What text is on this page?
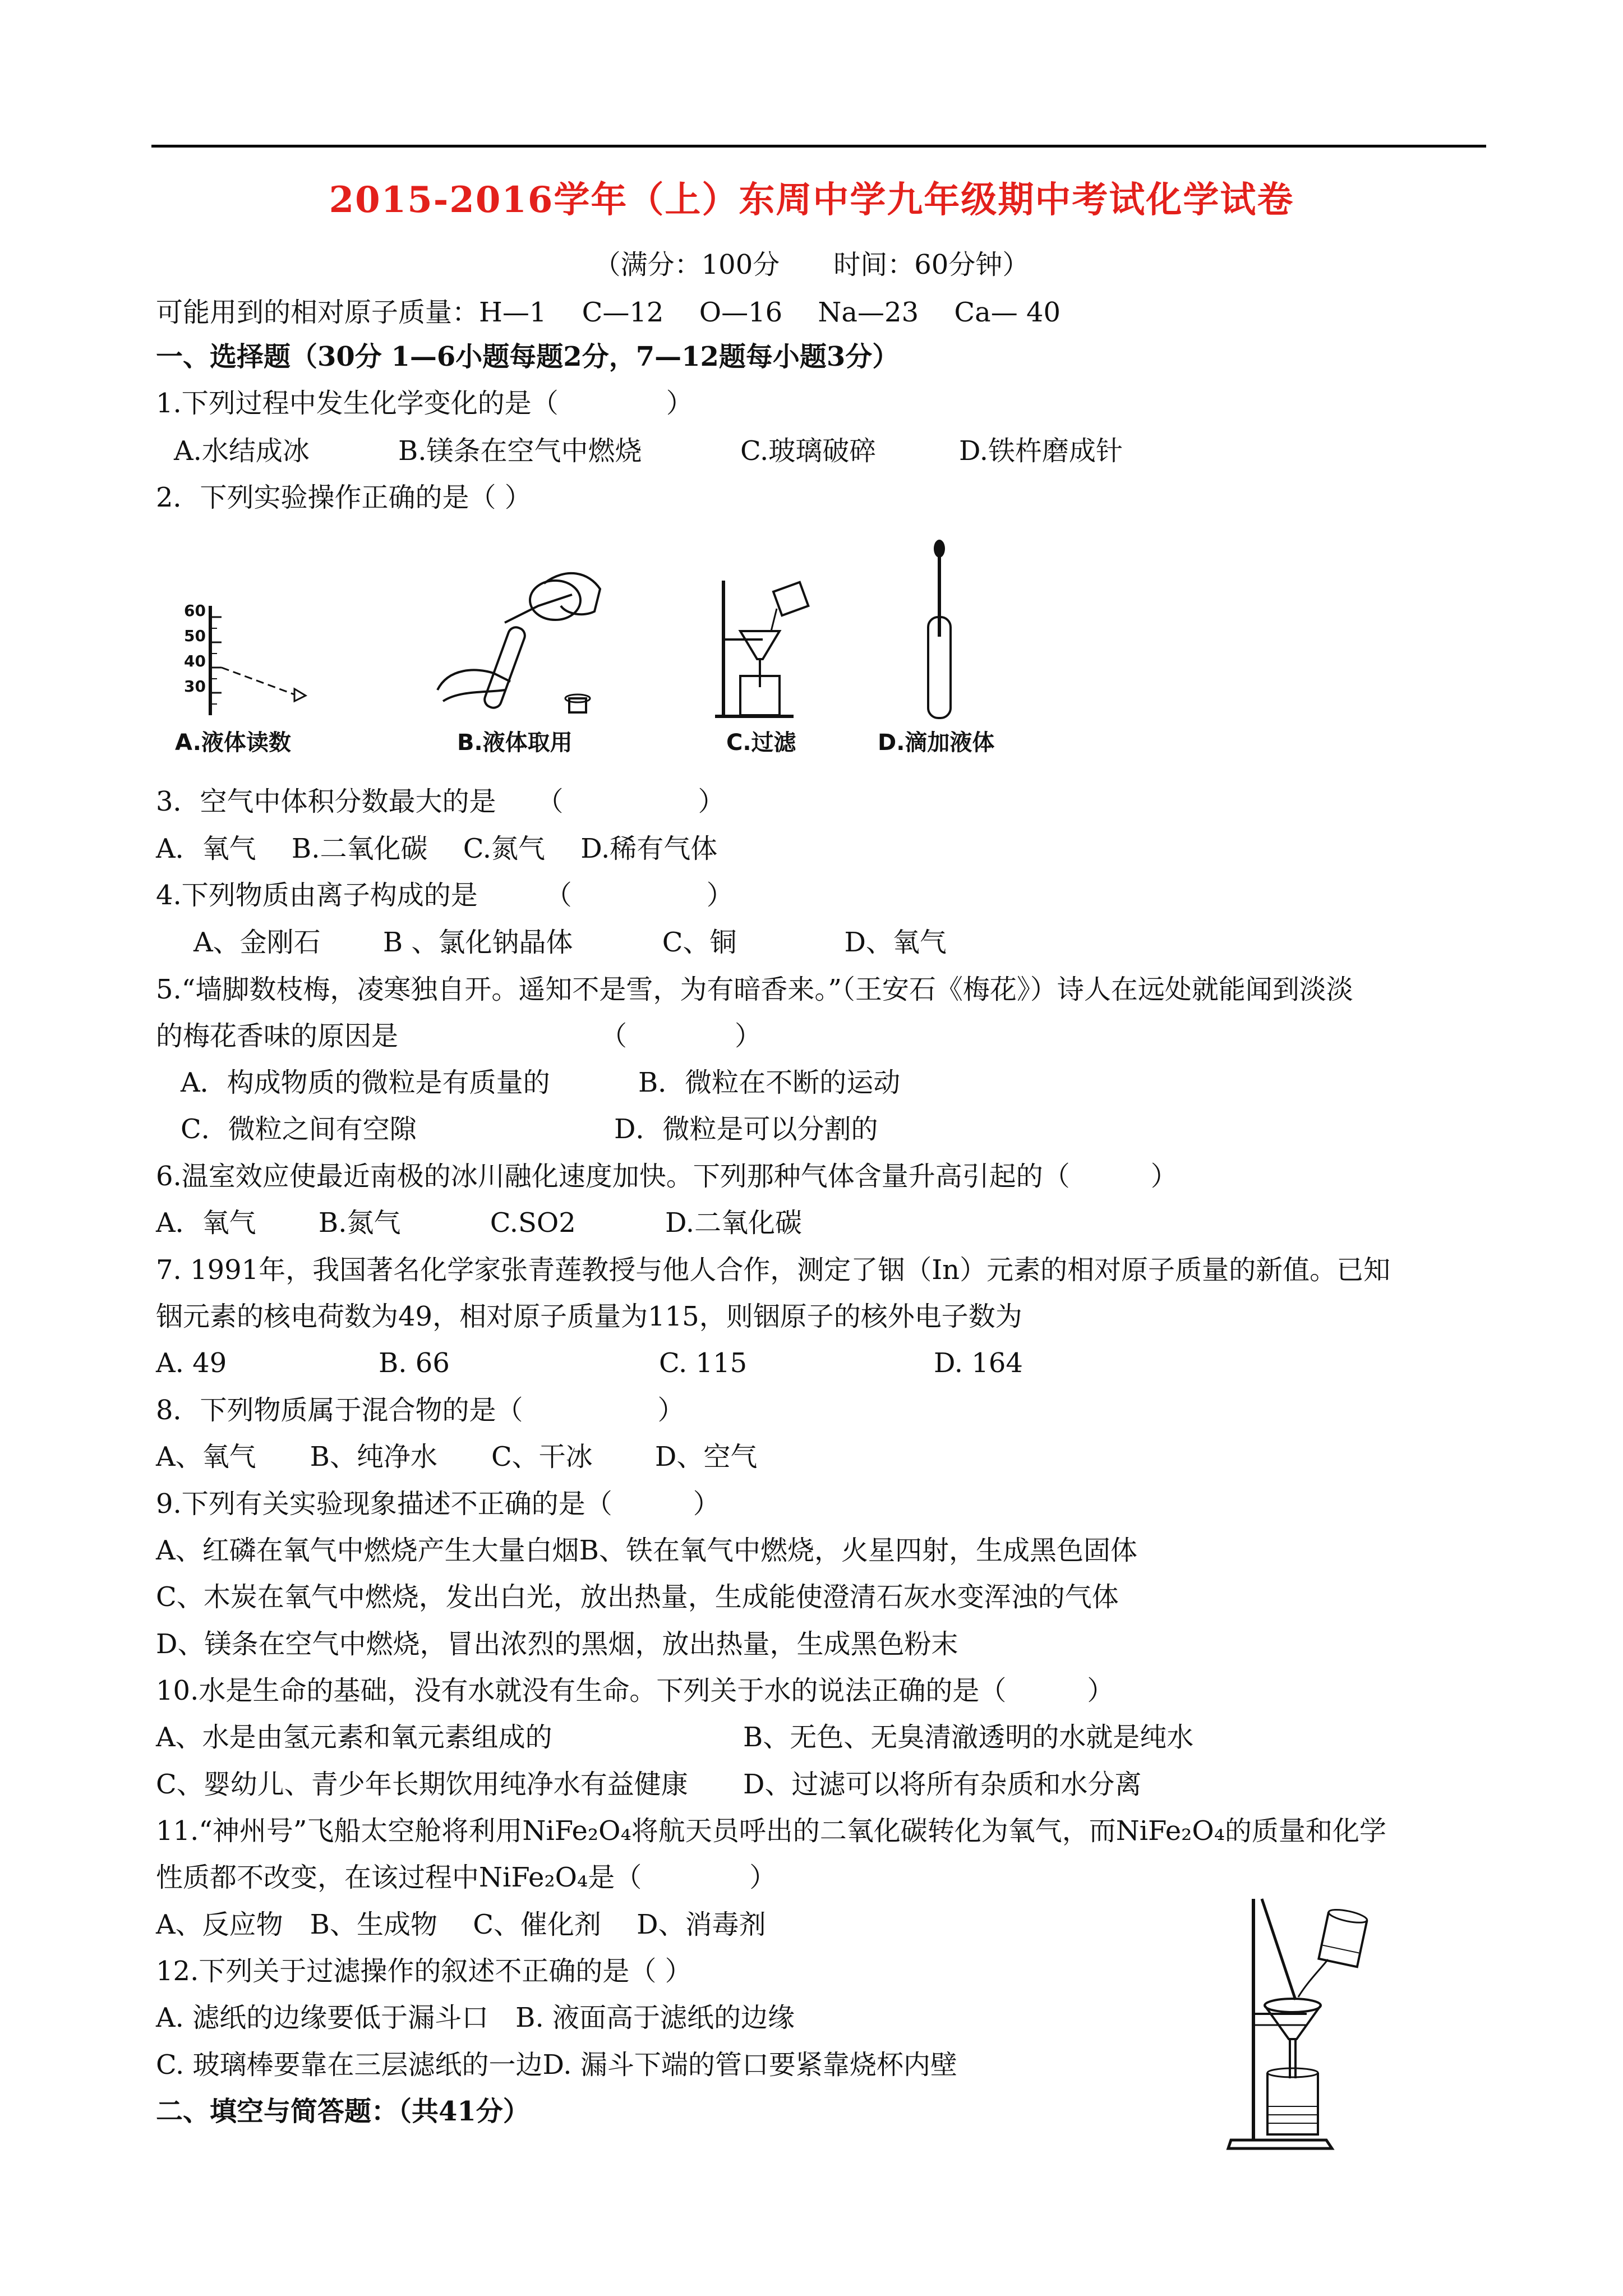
2015-2016学年（上）东周中学九年级期中考试化学试卷
（满分：100分　　时间：60分钟）
可能用到的相对原子质量：H—1　 C—12　 O—16　 Na—23　 Ca— 40
一、选择题（30分 1—6小题每题2分，7—12题每小题3分）
1.下列过程中发生化学变化的是（　　　　）
A.水结成冰	B.镁条在空气中燃烧	C.玻璃破碎	D.铁杵磨成针
2．下列实验操作正确的是（ ）
60
50
40
30
A.液体读数	B.液体取用	C.过滤	D.滴加液体
3．空气中体积分数最大的是　　（　　　　　）
A．氧气　 B.二氧化碳　 C.氮气　 D.稀有气体
4.下列物质由离子构成的是　　　（　　　　　）
A、金刚石　　 B 、氯化钠晶体　　　 C、铜　　　　D、氧气
5.“墙脚数枝梅，凌寒独自开。遥知不是雪，为有暗香来。”（王安石《梅花》）诗人在远处就能闻到淡淡
的梅花香味的原因是　　　　　　　　（　　　　）
A．构成物质的微粒是有质量的	B．微粒在不断的运动
C．微粒之间有空隙	D．微粒是可以分割的
6.温室效应使最近南极的冰川融化速度加快。下列那种气体含量升高引起的（　　　）
A．氧气　　 B.氮气　　　 C.SO2　　　 D.二氧化碳
7. 1991年，我国著名化学家张青莲教授与他人合作，测定了铟（In）元素的相对原子质量的新值。已知
铟元素的核电荷数为49，相对原子质量为115，则铟原子的核外电子数为
A. 49	B. 66	C. 115	D. 164
8．下列物质属于混合物的是（　　　　　）
A、氧气　　B、纯净水　　C、干冰　　 D、空气
9.下列有关实验现象描述不正确的是（　　　）
A、红磷在氧气中燃烧产生大量白烟B、铁在氧气中燃烧，火星四射，生成黑色固体
C、木炭在氧气中燃烧，发出白光，放出热量，生成能使澄清石灰水变浑浊的气体
D、镁条在空气中燃烧，冒出浓烈的黑烟，放出热量，生成黑色粉末
10.水是生命的基础，没有水就没有生命。下列关于水的说法正确的是（　　　）
A、水是由氢元素和氧元素组成的	B、无色、无臭清澈透明的水就是纯水
C、婴幼儿、青少年长期饮用纯净水有益健康 D、过滤可以将所有杂质和水分离
11.“神州号”飞船太空舱将利用NiFe₂O₄将航天员呼出的二氧化碳转化为氧气，而NiFe₂O₄的质量和化学
性质都不改变，在该过程中NiFe₂O₄是（　　　　）
A、反应物　B、生成物　 C、催化剂　 D、消毒剂
12.下列关于过滤操作的叙述不正确的是（ ）
A. 滤纸的边缘要低于漏斗口　B. 液面高于滤纸的边缘
C. 玻璃棒要靠在三层滤纸的一边D. 漏斗下端的管口要紧靠烧杯内壁
二、填空与简答题：（共41分）
